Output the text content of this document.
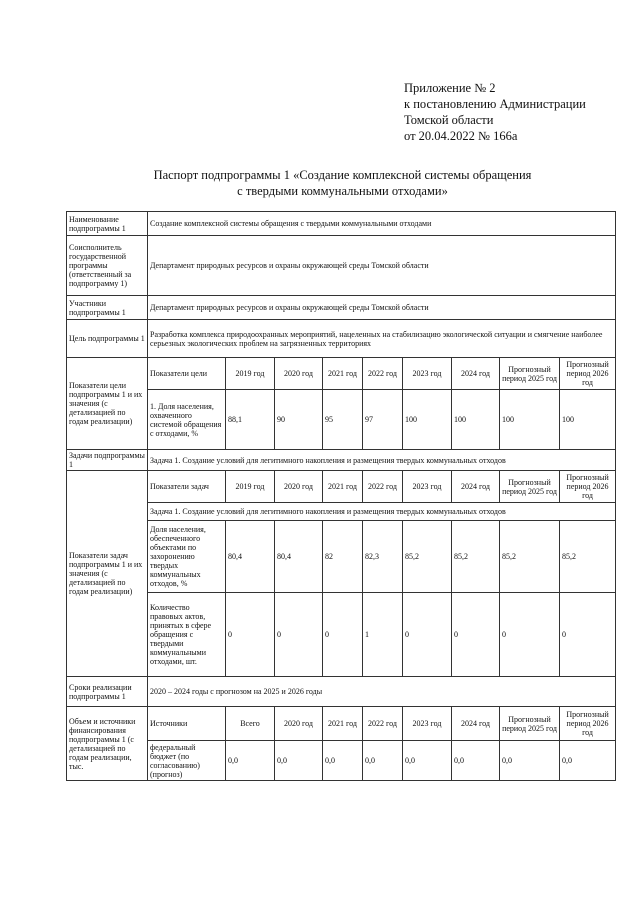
Приложение № 2
к постановлению Администрации
Томской области
от 20.04.2022 № 166а
Паспорт подпрограммы 1 «Создание комплексной системы обращения
с твердыми коммунальными отходами»
Наименование подпрограммы 1	Создание комплексной системы обращения с твердыми коммунальными отходами								
Соисполнитель государственной программы (ответственный за подпрограмму 1)	Департамент природных ресурсов и охраны окружающей среды Томской области								
Участники подпрограммы 1	Департамент природных ресурсов и охраны окружающей среды Томской области								
Цель подпрограммы 1	Разработка комплекса природоохранных мероприятий, нацеленных на стабилизацию экологической ситуации и смягчение наиболее серьезных экологических проблем на загрязненных территориях								
Показатели цели подпрограммы 1 и их значения (с детализацией по годам реализации)	Показатели цели	2019 год	2020 год	2021 год	2022 год	2023 год	2024 год	Прогнозный период 2025 год	Прогнозный период 2026 год
	1. Доля населения, охваченного системой обращения с отходами, %	88,1	90	95	97	100	100	100	100
Задачи подпрограммы 1	Задача 1. Создание условий для легитимного накопления и размещения твердых коммунальных отходов								
Показатели задач подпрограммы 1 и их значения (с детализацией по годам реализации)	Показатели задач	2019 год	2020 год	2021 год	2022 год	2023 год	2024 год	Прогнозный период 2025 год	Прогнозный период 2026 год
	Задача 1. Создание условий для легитимного накопления и размещения твердых коммунальных отходов								
	Доля населения, обеспеченного объектами по захоронению твердых коммунальных отходов, %	80,4	80,4	82	82,3	85,2	85,2	85,2	85,2
	Количество правовых актов, принятых в сфере обращения с твердыми коммунальными отходами, шт.	0	0	0	1	0	0	0	0
Сроки реализации подпрограммы 1	2020 – 2024 годы с прогнозом на 2025 и 2026 годы								
Объем и источники финансирования подпрограммы 1 (с детализацией по годам реализации, тыс.	Источники	Всего	2020 год	2021 год	2022 год	2023 год	2024 год	Прогнозный период 2025 год	Прогнозный период 2026 год
	федеральный бюджет (по согласованию) (прогноз)	0,0	0,0	0,0	0,0	0,0	0,0	0,0	0,0
